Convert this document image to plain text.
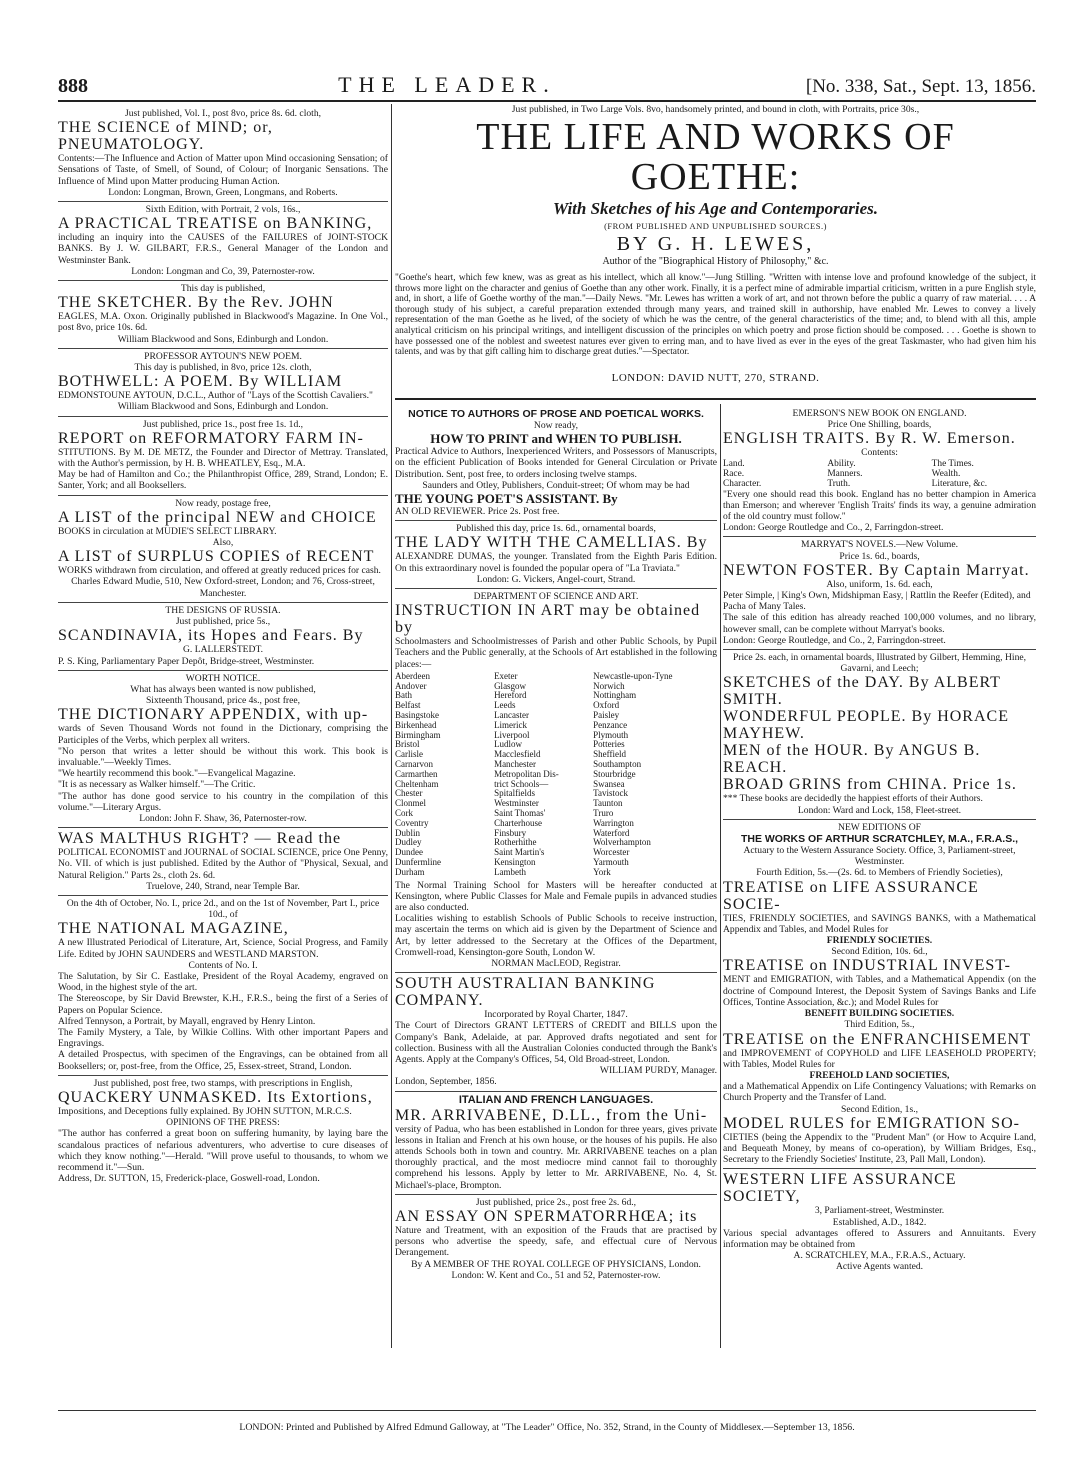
888	THE LEADER.	[No. 338, Sat., Sept. 13, 1856.
Just published, in Two Large Vols. 8vo, handsomely printed, and bound in cloth, with Portraits, price 30s.,
THE LIFE AND WORKS OF GOETHE:
With Sketches of his Age and Contemporaries.
(FROM PUBLISHED AND UNPUBLISHED SOURCES.)
BY G. H. LEWES,
Author of the "Biographical History of Philosophy," &c.
"Goethe's heart, which few knew, was as great as his intellect, which all know."—Jung Stilling. "Written with intense love and profound knowledge of the subject, it throws more light on the character and genius of Goethe than any other work. Finally, it is a perfect mine of admirable impartial criticism, written in a pure English style, and, in short, a life of Goethe worthy of the man."—Daily News. "Mr. Lewes has written a work of art, and not thrown before the public a quarry of raw material. . . . A thorough study of his subject, a careful preparation extended through many years, and trained skill in authorship, have enabled Mr. Lewes to convey a lively representation of the man Goethe as he lived, of the society of which he was the centre, of the general characteristics of the time; and, to blend with all this, ample analytical criticism on his principal writings, and intelligent discussion of the principles on which poetry and prose fiction should be composed. . . . Goethe is shown to have possessed one of the noblest and sweetest natures ever given to erring man, and to have lived as ever in the eyes of the great Taskmaster, who had given him his talents, and was by that gift calling him to discharge great duties."—Spectator.
LONDON: DAVID NUTT, 270, STRAND.

Just published, Vol. I., post 8vo, price 8s. 6d. cloth,

THE SCIENCE of MIND; or, PNEUMATOLOGY.

Contents:—The Influence and Action of Matter upon Mind occasioning Sensation; of Sensations of Taste, of Smell, of Sound, of Colour; of Inorganic Sensations. The Influence of Mind upon Matter producing Human Action.

London: Longman, Brown, Green, Longmans, and Roberts.

Sixth Edition, with Portrait, 2 vols, 16s.,

A PRACTICAL TREATISE on BANKING,

including an inquiry into the CAUSES of the FAILURES of JOINT-STOCK BANKS. By J. W. GILBART, F.R.S., General Manager of the London and Westminster Bank.

London: Longman and Co, 39, Paternoster-row.

This day is published,

THE SKETCHER. By the Rev. JOHN

EAGLES, M.A. Oxon. Originally published in Blackwood's Magazine. In One Vol., post 8vo, price 10s. 6d.

William Blackwood and Sons, Edinburgh and London.

PROFESSOR AYTOUN'S NEW POEM.

This day is published, in 8vo, price 12s. cloth,

BOTHWELL: A POEM. By WILLIAM

EDMONSTOUNE AYTOUN, D.C.L., Author of "Lays of the Scottish Cavaliers."

William Blackwood and Sons, Edinburgh and London.

Just published, price 1s., post free 1s. 1d.,

REPORT on REFORMATORY FARM IN-

STITUTIONS. By M. DE METZ, the Founder and Director of Mettray. Translated, with the Author's permission, by H. B. WHEATLEY, Esq., M.A.

May be had of Hamilton and Co.; the Philanthropist Office, 289, Strand, London; E. Santer, York; and all Booksellers.

Now ready, postage free,

A LIST of the principal NEW and CHOICE

BOOKS in circulation at MUDIE'S SELECT LIBRARY.

Also,

A LIST of SURPLUS COPIES of RECENT

WORKS withdrawn from circulation, and offered at greatly reduced prices for cash.

Charles Edward Mudie, 510, New Oxford-street, London; and 76, Cross-street, Manchester.

THE DESIGNS OF RUSSIA.

Just published, price 5s.,

SCANDINAVIA, its Hopes and Fears. By

G. LALLERSTEDT.

P. S. King, Parliamentary Paper Depôt, Bridge-street, Westminster.

WORTH NOTICE.

What has always been wanted is now published,

Sixteenth Thousand, price 4s., post free,

THE DICTIONARY APPENDIX, with up-

wards of Seven Thousand Words not found in the Dictionary, comprising the Participles of the Verbs, which perplex all writers.

"No person that writes a letter should be without this work. This book is invaluable."—Weekly Times.

"We heartily recommend this book."—Evangelical Magazine.

"It is as necessary as Walker himself."—The Critic.

"The author has done good service to his country in the compilation of this volume."—Literary Argus.

London: John F. Shaw, 36, Paternoster-row.

WAS MALTHUS RIGHT? — Read the

POLITICAL ECONOMIST and JOURNAL of SOCIAL SCIENCE, price One Penny, No. VII. of which is just published. Edited by the Author of "Physical, Sexual, and Natural Religion." Parts 2s., cloth 2s. 6d.

Truelove, 240, Strand, near Temple Bar.

On the 4th of October, No. I., price 2d., and on the 1st of November, Part I., price 10d., of

THE NATIONAL MAGAZINE,

A new Illustrated Periodical of Literature, Art, Science, Social Progress, and Family Life. Edited by JOHN SAUNDERS and WESTLAND MARSTON.

Contents of No. I.

The Salutation, by Sir C. Eastlake, President of the Royal Academy, engraved on Wood, in the highest style of the art.

The Stereoscope, by Sir David Brewster, K.H., F.R.S., being the first of a Series of Papers on Popular Science.

Alfred Tennyson, a Portrait, by Mayall, engraved by Henry Linton.

The Family Mystery, a Tale, by Wilkie Collins. With other important Papers and Engravings.

A detailed Prospectus, with specimen of the Engravings, can be obtained from all Booksellers; or, post-free, from the Office, 25, Essex-street, Strand, London.

Just published, post free, two stamps, with prescriptions in English,

QUACKERY UNMASKED. Its Extortions,

Impositions, and Deceptions fully explained. By JOHN SUTTON, M.R.C.S.

OPINIONS OF THE PRESS:

"The author has conferred a great boon on suffering humanity, by laying bare the scandalous practices of nefarious adventurers, who advertise to cure diseases of which they know nothing."—Herald. "Will prove useful to thousands, to whom we recommend it."—Sun.

Address, Dr. SUTTON, 15, Frederick-place, Goswell-road, London.

NOTICE TO AUTHORS OF PROSE AND POETICAL WORKS.

Now ready,

HOW TO PRINT and WHEN TO PUBLISH.

Practical Advice to Authors, Inexperienced Writers, and Possessors of Manuscripts, on the efficient Publication of Books intended for General Circulation or Private Distribution. Sent, post free, to orders inclosing twelve stamps.

Saunders and Otley, Publishers, Conduit-street; Of whom may be had

THE YOUNG POET'S ASSISTANT. By

AN OLD REVIEWER. Price 2s. Post free.

Published this day, price 1s. 6d., ornamental boards,

THE LADY WITH THE CAMELLIAS. By

ALEXANDRE DUMAS, the younger. Translated from the Eighth Paris Edition. On this extraordinary novel is founded the popular opera of "La Traviata."

London: G. Vickers, Angel-court, Strand.

DEPARTMENT OF SCIENCE AND ART.

INSTRUCTION IN ART may be obtained by

Schoolmasters and Schoolmistresses of Parish and other Public Schools, by Pupil Teachers and the Public generally, at the Schools of Art established in the following places:—

Aberdeen	Exeter	Newcastle-upon-Tyne
Andover	Glasgow	Norwich
Bath	Hereford	Nottingham
Belfast	Leeds	Oxford
Basingstoke	Lancaster	Paisley
Birkenhead	Limerick	Penzance
Birmingham	Liverpool	Plymouth
Bristol	Ludlow	Potteries
Carlisle	Macclesfield	Sheffield
Carnarvon	Manchester	Southampton
Carmarthen	Metropolitan Dis-	Stourbridge
Cheltenham	trict Schools—	Swansea
Chester	Spitalfields	Tavistock
Clonmel	Westminster	Taunton
Cork	Saint Thomas'	Truro
Coventry	Charterhouse	Warrington
Dublin	Finsbury	Waterford
Dudley	Rotherhithe	Wolverhampton
Dundee	Saint Martin's	Worcester
Dunfermline	Kensington	Yarmouth
Durham	Lambeth	York

The Normal Training School for Masters will be hereafter conducted at Kensington, where Public Classes for Male and Female pupils in advanced studies are also conducted.

Localities wishing to establish Schools of Public Schools to receive instruction, may ascertain the terms on which aid is given by the Department of Science and Art, by letter addressed to the Secretary at the Offices of the Department, Cromwell-road, Kensington-gore South, London W.

NORMAN MacLEOD, Registrar.

SOUTH AUSTRALIAN BANKING COMPANY.

Incorporated by Royal Charter, 1847.

The Court of Directors GRANT LETTERS of CREDIT and BILLS upon the Company's Bank, Adelaide, at par. Approved drafts negotiated and sent for collection. Business with all the Australian Colonies conducted through the Bank's Agents. Apply at the Company's Offices, 54, Old Broad-street, London.

WILLIAM PURDY, Manager.

London, September, 1856.

ITALIAN AND FRENCH LANGUAGES.

MR. ARRIVABENE, D.LL., from the Uni-

versity of Padua, who has been established in London for three years, gives private lessons in Italian and French at his own house, or the houses of his pupils. He also attends Schools both in town and country. Mr. ARRIVABENE teaches on a plan thoroughly practical, and the most mediocre mind cannot fail to thoroughly comprehend his lessons. Apply by letter to Mr. ARRIVABENE, No. 4, St. Michael's-place, Brompton.

Just published, price 2s., post free 2s. 6d.,

AN ESSAY ON SPERMATORRHŒA; its

Nature and Treatment, with an exposition of the Frauds that are practised by persons who advertise the speedy, safe, and effectual cure of Nervous Derangement.

By A MEMBER OF THE ROYAL COLLEGE OF PHYSICIANS, London.

London: W. Kent and Co., 51 and 52, Paternoster-row.

EMERSON'S NEW BOOK ON ENGLAND.

Price One Shilling, boards,

ENGLISH TRAITS. By R. W. Emerson.

Contents:

Land.	Ability.	The Times.
Race.	Manners.	Wealth.
Character.	Truth.	Literature, &c.

"Every one should read this book. England has no better champion in America than Emerson; and wherever 'English Traits' finds its way, a genuine admiration of the old country must follow."

London: George Routledge and Co., 2, Farringdon-street.

MARRYAT'S NOVELS.—New Volume.

Price 1s. 6d., boards,

NEWTON FOSTER. By Captain Marryat.

Also, uniform, 1s. 6d. each,

Peter Simple, | King's Own, Midshipman Easy, | Rattlin the Reefer (Edited), and Pacha of Many Tales.

The sale of this edition has already reached 100,000 volumes, and no library, however small, can be complete without Marryat's books.

London: George Routledge, and Co., 2, Farringdon-street.

Price 2s. each, in ornamental boards, Illustrated by Gilbert, Hemming, Hine, Gavarni, and Leech;

SKETCHES of the DAY. By ALBERT SMITH.

WONDERFUL PEOPLE. By HORACE MAYHEW.

MEN of the HOUR. By ANGUS B. REACH.

BROAD GRINS from CHINA. Price 1s.

*** These books are decidedly the happiest efforts of their Authors.

London: Ward and Lock, 158, Fleet-street.

NEW EDITIONS OF

THE WORKS OF ARTHUR SCRATCHLEY, M.A., F.R.A.S.,

Actuary to the Western Assurance Society. Office, 3, Parliament-street, Westminster.

Fourth Edition, 5s.—(2s. 6d. to Members of Friendly Societies),

TREATISE on LIFE ASSURANCE SOCIE-

TIES, FRIENDLY SOCIETIES, and SAVINGS BANKS, with a Mathematical Appendix and Tables, and Model Rules for

FRIENDLY SOCIETIES.

Second Edition, 10s. 6d.,

TREATISE on INDUSTRIAL INVEST-

MENT and EMIGRATION, with Tables, and a Mathematical Appendix (on the doctrine of Compound Interest, the Deposit System of Savings Banks and Life Offices, Tontine Association, &c.); and Model Rules for

BENEFIT BUILDING SOCIETIES.

Third Edition, 5s.,

TREATISE on the ENFRANCHISEMENT

and IMPROVEMENT of COPYHOLD and LIFE LEASEHOLD PROPERTY; with Tables, Model Rules for

FREEHOLD LAND SOCIETIES,

and a Mathematical Appendix on Life Contingency Valuations; with Remarks on Church Property and the Transfer of Land.

Second Edition, 1s.,

MODEL RULES for EMIGRATION SO-

CIETIES (being the Appendix to the "Prudent Man" (or How to Acquire Land, and Bequeath Money, by means of co-operation), by William Bridges, Esq., Secretary to the Friendly Societies' Institute, 23, Pall Mall, London).

WESTERN LIFE ASSURANCE SOCIETY,

3, Parliament-street, Westminster.

Established, A.D., 1842.

Various special advantages offered to Assurers and Annuitants. Every information may be obtained from

A. SCRATCHLEY, M.A., F.R.A.S., Actuary.

Active Agents wanted.

LONDON: Printed and Published by Alfred Edmund Galloway, at "The Leader" Office, No. 352, Strand, in the County of Middlesex.—September 13, 1856.
